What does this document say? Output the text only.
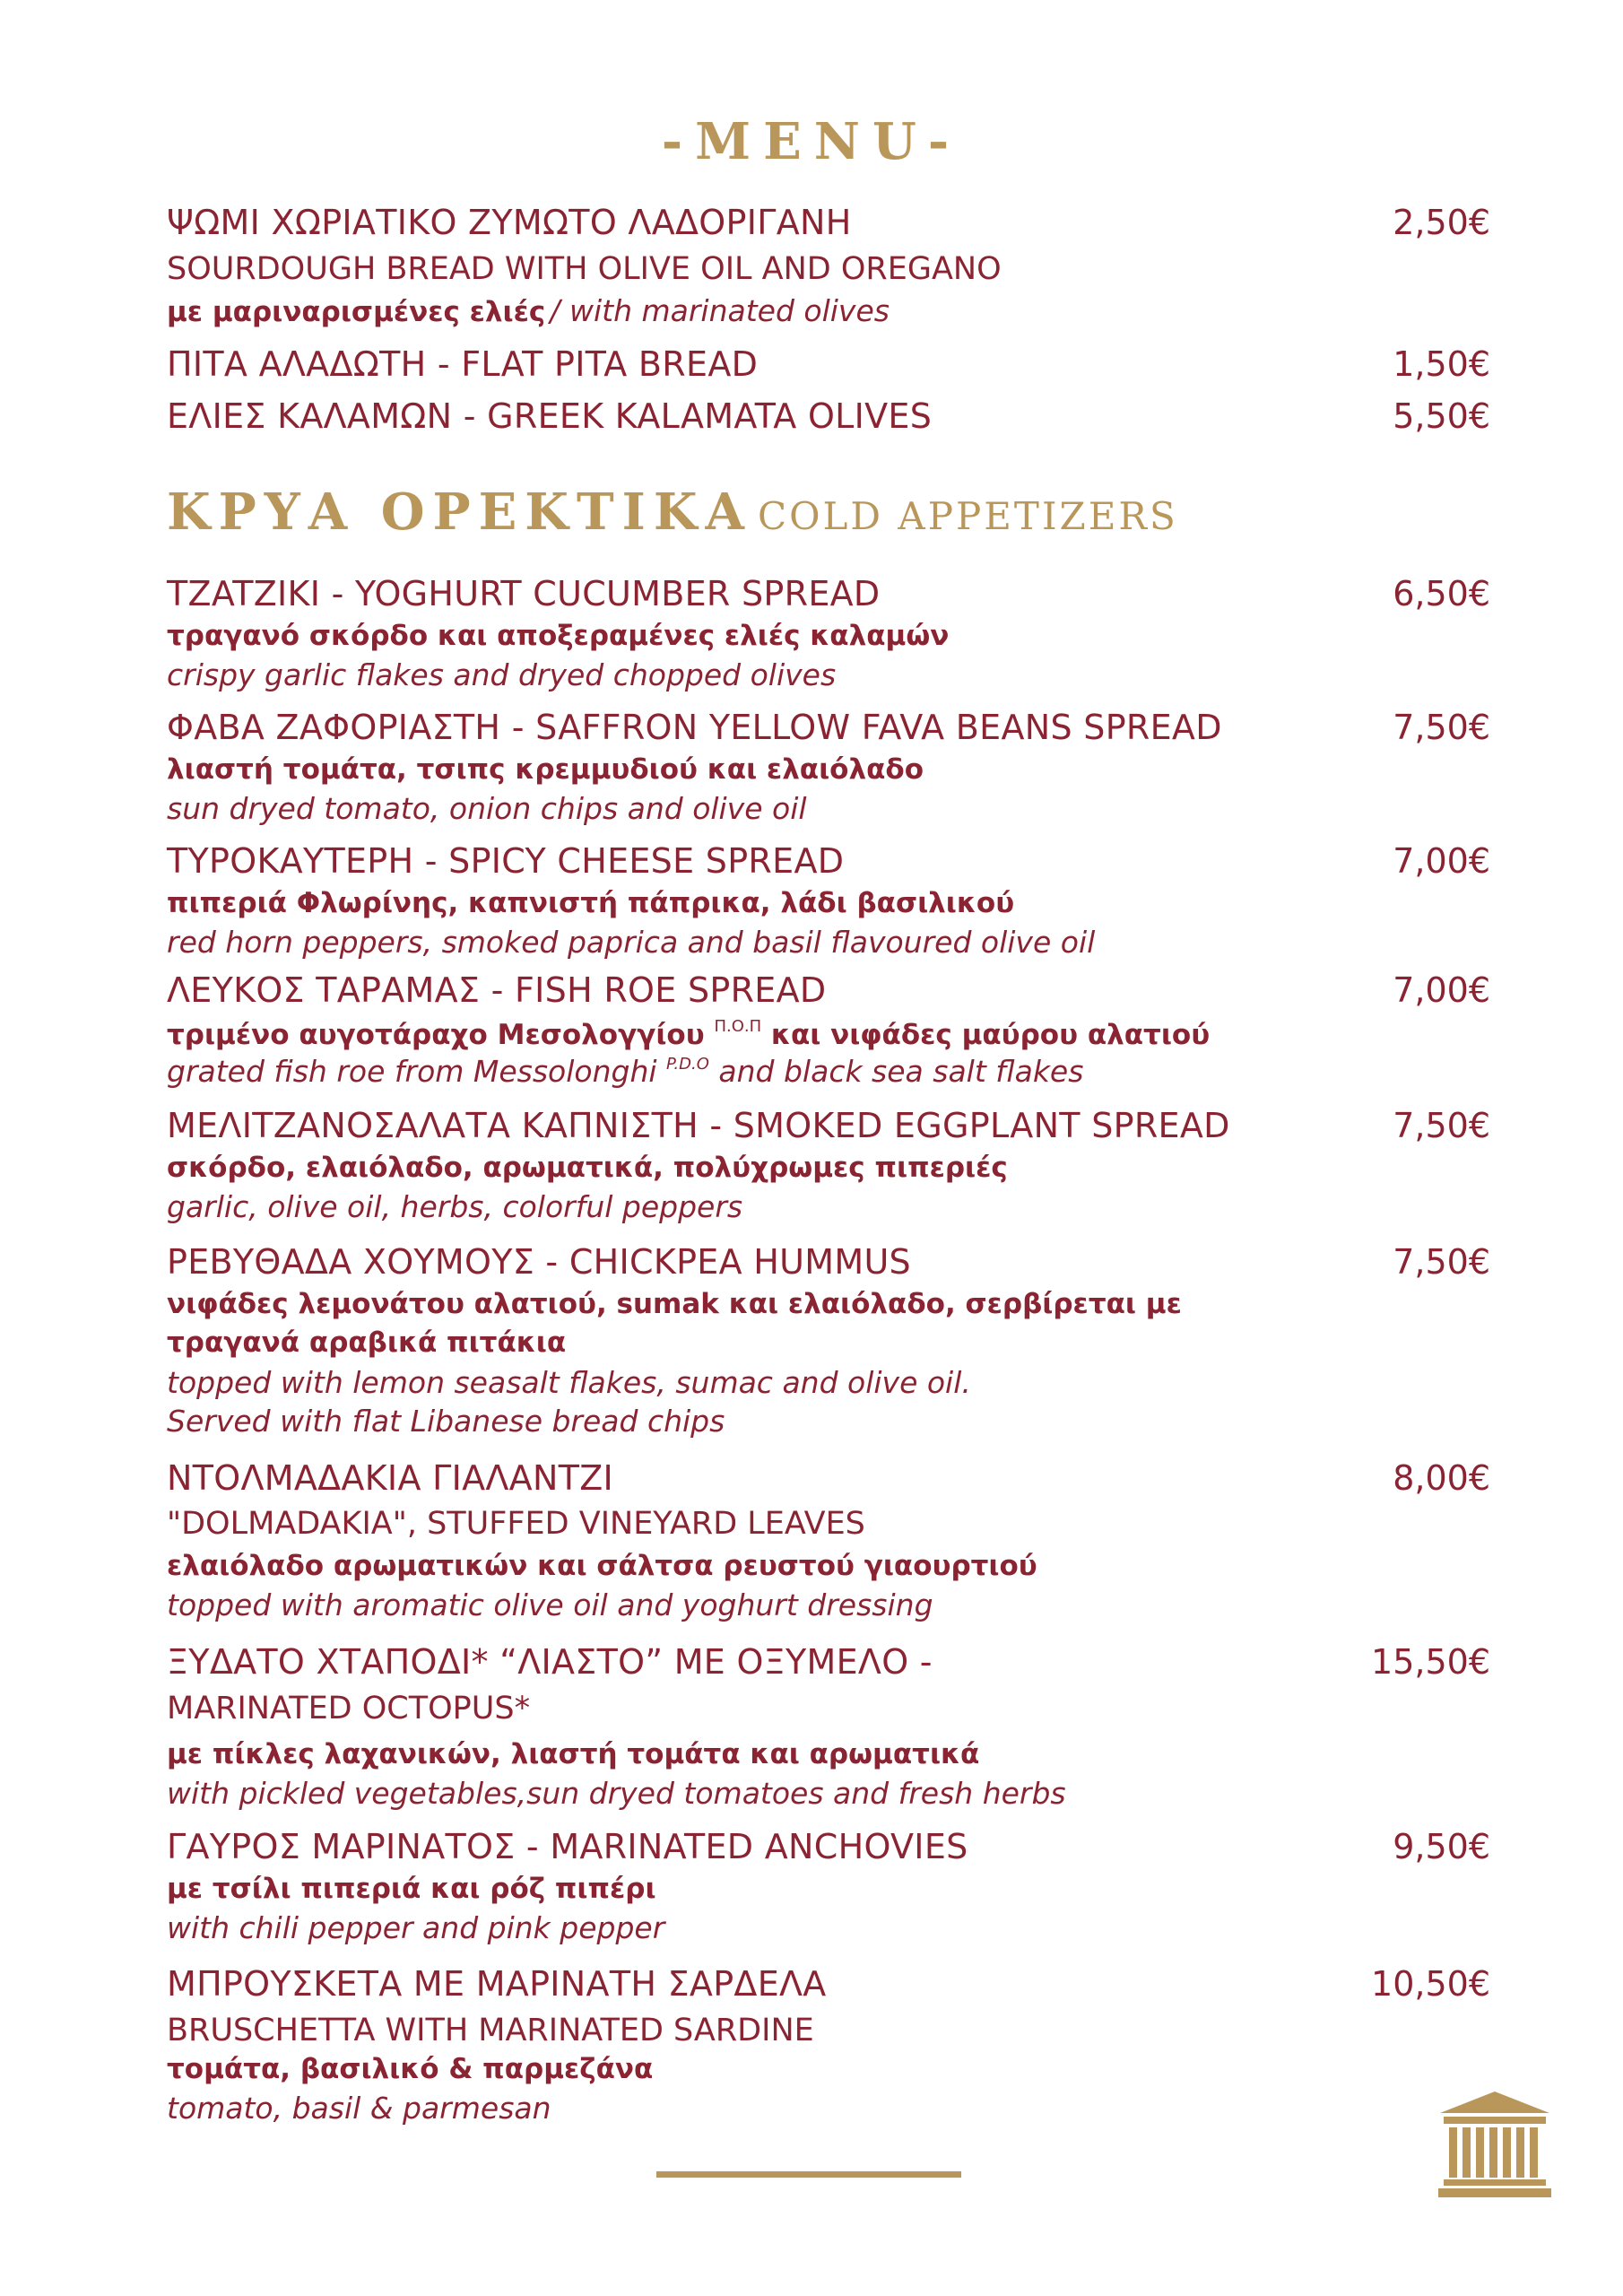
-MENU-
ΨΩΜΙ ΧΩΡΙΑΤΙΚΟ ΖΥΜΩΤΟ ΛΑΔΟΡΙΓΑΝΗ	2,50€
SOURDOUGH BREAD WITH OLIVE OIL AND OREGANO
με μαριναρισμένες ελιές / with marinated olives
ΠΙΤΑ ΑΛΑΔΩΤΗ - FLAT PITA BREAD	1,50€
ΕΛΙΕΣ ΚΑΛΑΜΩΝ - GREEK KALAMATA OLIVES	5,50€
ΚΡΥΑ ΟΡΕΚΤΙΚΑ COLD APPETIZERS
TZATZIKI - YOGHURT CUCUMBER SPREAD	6,50€
τραγανό σκόρδο και αποξεραμένες ελιές καλαμών
crispy garlic flakes and dryed chopped olives
ΦΑΒΑ ΖΑΦΟΡΙΑΣΤΗ - SAFFRON YELLOW FAVA BEANS SPREAD	7,50€
λιαστή τομάτα, τσιπς κρεμμυδιού και ελαιόλαδο
sun dryed tomato, onion chips and olive oil
ΤΥΡΟΚΑΥΤΕΡΗ - SPICY CHEESE SPREAD	7,00€
πιπεριά Φλωρίνης, καπνιστή πάπρικα, λάδι βασιλικού
red horn peppers, smoked paprica and basil flavoured olive oil
ΛΕΥΚΟΣ ΤΑΡΑΜΑΣ - FISH ROE SPREAD	7,00€
τριμένο αυγοτάραχο Μεσολογγίου $^{\Pi.O.\Pi}$ και νιφάδες μαύρου αλατιού
grated fish roe from Messolonghi $^{P.D.O}$ and black sea salt flakes
ΜΕΛΙΤΖΑΝΟΣΑΛΑΤΑ ΚΑΠΝΙΣΤΗ - SMOKED EGGPLANT SPREAD	7,50€
σκόρδο, ελαιόλαδο, αρωματικά, πολύχρωμες πιπεριές
garlic, olive oil, herbs, colorful peppers
ΡΕΒΥΘΑΔΑ ΧΟΥΜΟΥΣ - CHICKPEA HUMMUS	7,50€
νιφάδες λεμονάτου αλατιού, sumak και ελαιόλαδο, σερβίρεται με
τραγανά αραβικά πιτάκια
topped with lemon seasalt flakes, sumac and olive oil.
Served with flat Libanese bread chips
ΝΤΟΛΜΑΔΑΚΙΑ ΓΙΑΛΑΝΤΖΙ	8,00€
"DOLMADAKIA", STUFFED VINEYARD LEAVES
ελαιόλαδο αρωματικών και σάλτσα ρευστού γιαουρτιού
topped with aromatic olive oil and yoghurt dressing
ΞΥΔΑΤΟ ΧΤΑΠΟΔΙ* “ΛΙΑΣΤΟ” ΜΕ ΟΞΥΜΕΛΟ -	15,50€
MARINATED OCTOPUS*
με πίκλες λαχανικών, λιαστή τομάτα και αρωματικά
with pickled vegetables,sun dryed tomatoes and fresh herbs
ΓΑΥΡΟΣ ΜΑΡΙΝΑΤΟΣ - MARINATED ANCHOVIES	9,50€
με τσίλι πιπεριά και ρόζ πιπέρι
with chili pepper and pink pepper
ΜΠΡΟΥΣΚΕΤΑ ΜΕ ΜΑΡΙΝΑΤΗ ΣΑΡΔΕΛΑ	10,50€
BRUSCHETTA WITH MARINATED SARDINE
τομάτα, βασιλικό & παρμεζάνα
tomato, basil & parmesan
